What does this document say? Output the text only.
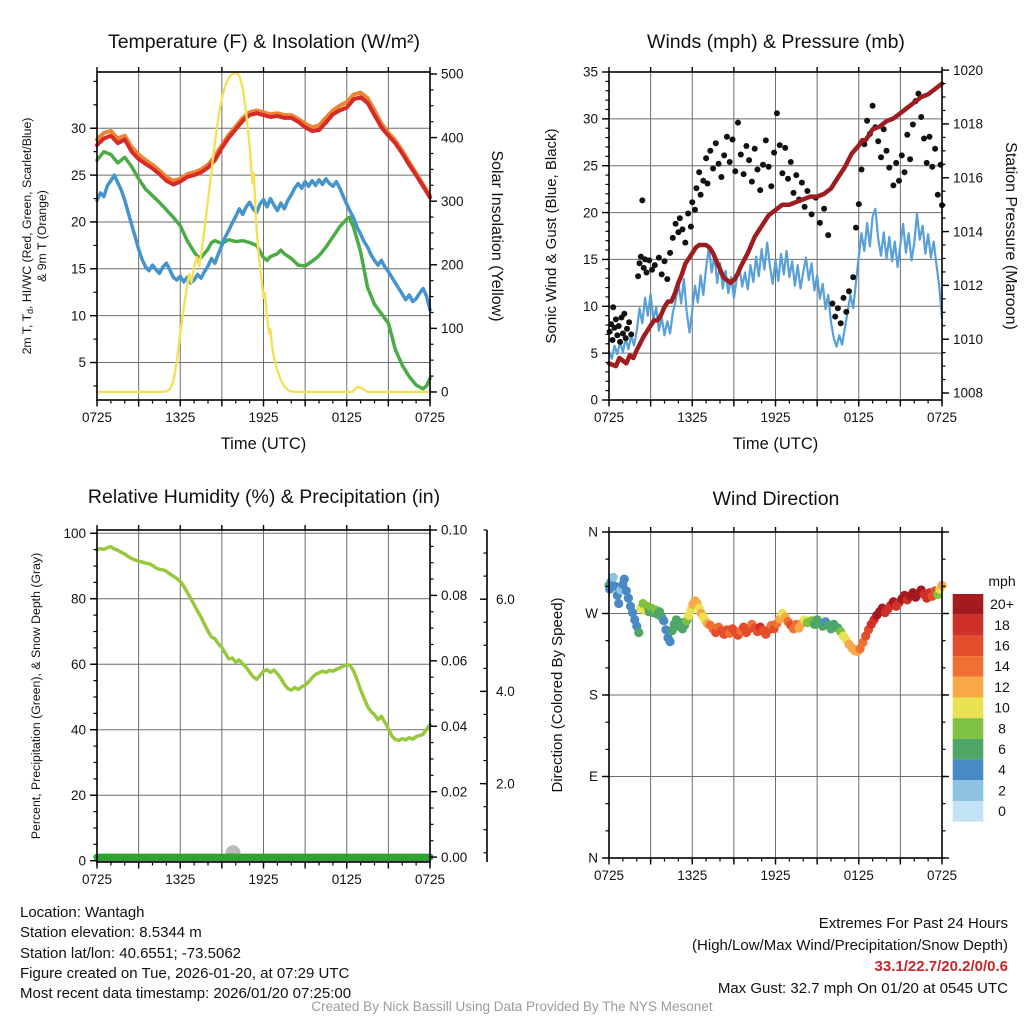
Temperature (F) & Insolation (W/m²)	Winds (mph) & Pressure (mb)
Relative Humidity (%) & Precipitation (in)	Wind Direction
0725	1325	1925	0125	0725
5
10
15
20
25
30
0
100
200
300
400
500
2m T, Td, HI/WC (Red, Green, Scarlet/Blue) & 9m T (Orange)	Solar Insolation (Yellow)
Time (UTC)
0725	1325	1925	0125	0725
0
5
10
15
20
25
30
35
1008
1010
1012
1014
1016
1018
1020
Sonic Wind & Gust (Blue, Black)	Station Pressure (Maroon)
Time (UTC)
0725	1325	1925	0125	0725
0
20
40
60
80
100
0.00
0.02
0.04
0.06
0.08
0.10
2.0
4.0
6.0
Percent, Precipitation (Green), & Snow Depth (Gray)
0725	1325	1925	0125	0725
N
E
S
W
N
Direction (Colored By Speed)
mph
20+
18
16
14
12
10
8
6
4
2
0
Location: Wantagh
Station elevation: 8.5344 m
Station lat/lon: 40.6551; -73.5062
Figure created on Tue, 2026-01-20, at 07:29 UTC
Most recent data timestamp: 2026/01/20 07:25:00
Extremes For Past 24 Hours
(High/Low/Max Wind/Precipitation/Snow Depth)
33.1/22.7/20.2/0/0.6
Max Gust: 32.7 mph On 01/20 at 0545 UTC
Created By Nick Bassill Using Data Provided By The NYS Mesonet
